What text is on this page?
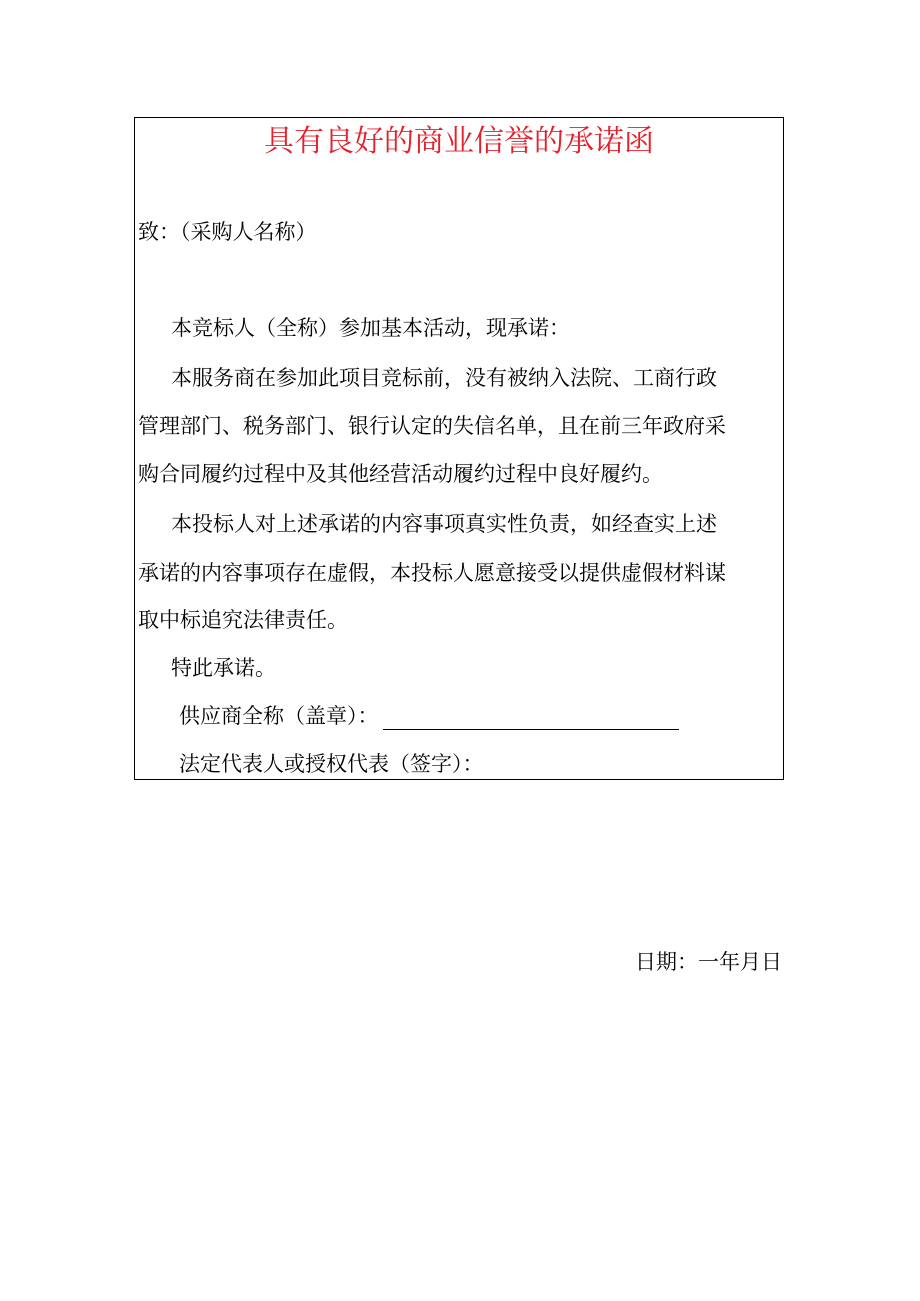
具有良好的商业信誉的承诺函
致：（采购人名称）
本竞标人（全称）参加基本活动，现承诺：
本服务商在参加此项目竞标前，没有被纳入法院、工商行政
管理部门、税务部门、银行认定的失信名单，且在前三年政府采
购合同履约过程中及其他经营活动履约过程中良好履约。
本投标人对上述承诺的内容事项真实性负责，如经查实上述
承诺的内容事项存在虚假，本投标人愿意接受以提供虚假材料谋
取中标追究法律责任。
特此承诺。
供应商全称（盖章）：
法定代表人或授权代表（签字）：
日期：一年月日
